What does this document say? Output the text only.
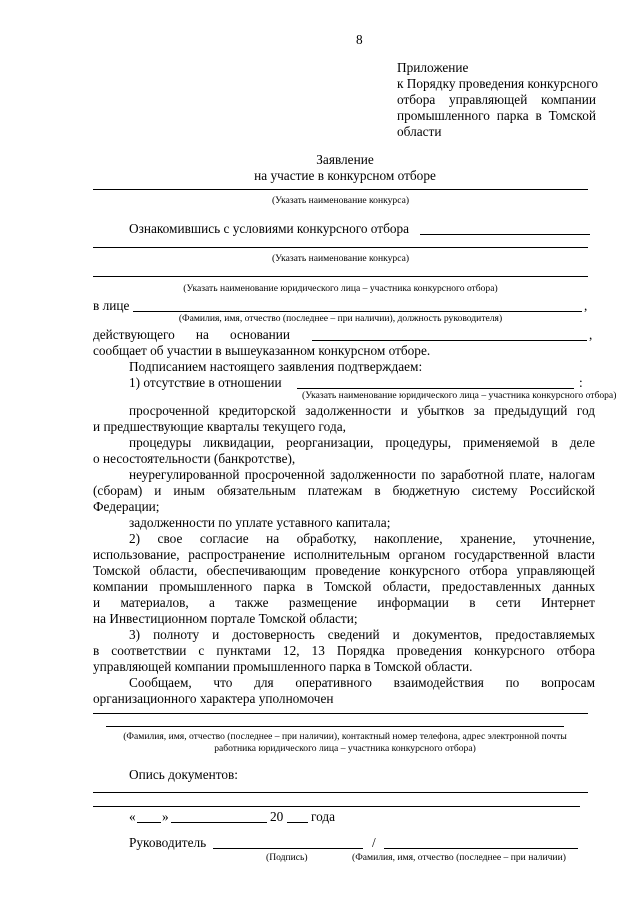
8
Приложение
к Порядку проведения конкурсного
отбора управляющей компании
промышленного парка в Томской
области
Заявление
на участие в конкурсном отборе
(Указать наименование конкурса)
Ознакомившись с условиями конкурсного отбора
(Указать наименование конкурса)
(Указать наименование юридического лица – участника конкурсного отбора)
в лице	,
(Фамилия, имя, отчество (последнее – при наличии), должность руководителя)
действующего на основании	,
сообщает об участии в вышеуказанном конкурсном отборе.
Подписанием настоящего заявления подтверждаем:
1) отсутствие в отношении	:
(Указать наименование юридического лица – участника конкурсного отбора)
просроченной кредиторской задолженности и убытков за предыдущий год
и предшествующие кварталы текущего года,
процедуры ликвидации, реорганизации, процедуры, применяемой в деле
о несостоятельности (банкротстве),
неурегулированной просроченной задолженности по заработной плате, налогам
(сборам) и иным обязательным платежам в бюджетную систему Российской
Федерации;
задолженности по уплате уставного капитала;
2) свое согласие на обработку, накопление, хранение, уточнение,
использование, распространение исполнительным органом государственной власти
Томской области, обеспечивающим проведение конкурсного отбора управляющей
компании промышленного парка в Томской области, предоставленных данных
и материалов, а также размещение информации в сети Интернет
на Инвестиционном портале Томской области;
3) полноту и достоверность сведений и документов, предоставляемых
в соответствии с пунктами 12, 13 Порядка проведения конкурсного отбора
управляющей компании промышленного парка в Томской области.
Сообщаем, что для оперативного взаимодействия по вопросам
организационного характера уполномочен
(Фамилия, имя, отчество (последнее – при наличии), контактный номер телефона, адрес электронной почты
работника юридического лица – участника конкурсного отбора)
Опись документов:
« »	20 года
Руководитель	/
(Подпись)	(Фамилия, имя, отчество (последнее – при наличии)
